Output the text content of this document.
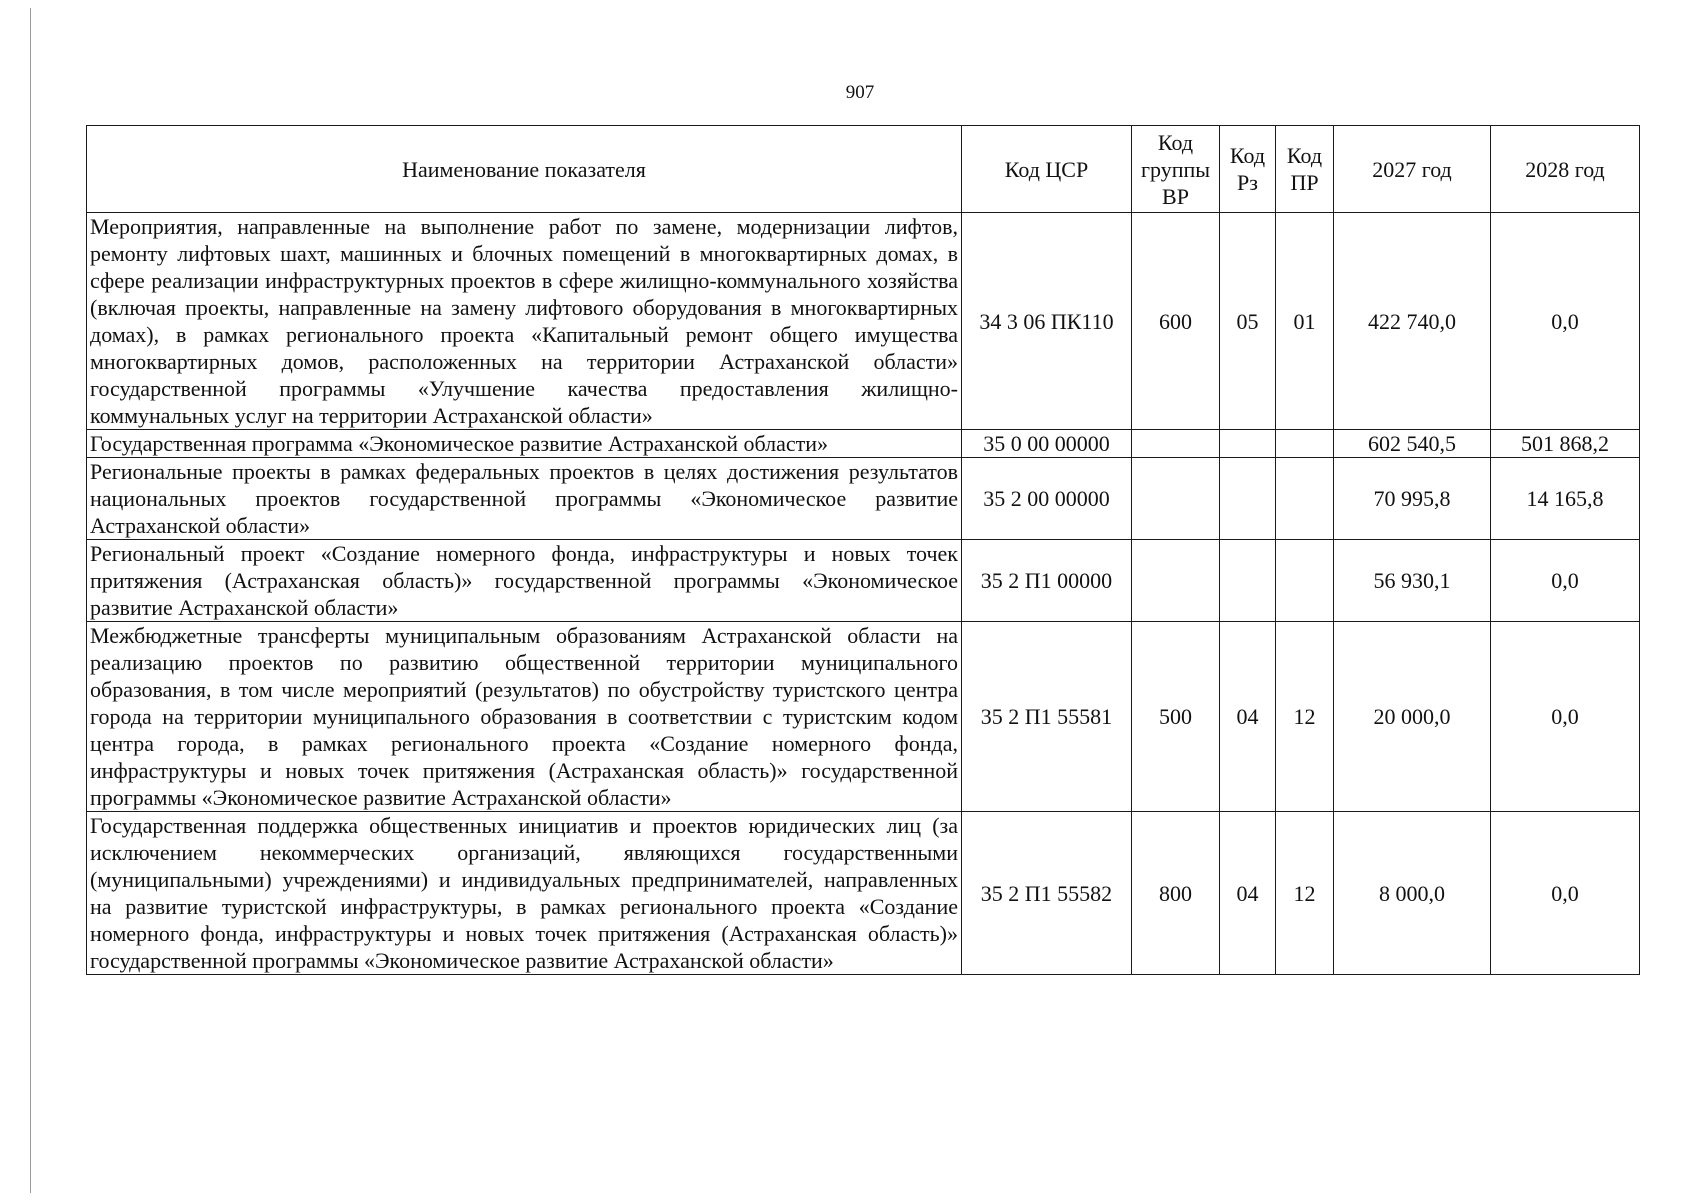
907
Наименование показателя	Код ЦСР	Код группы ВР	Код Рз	Код ПР	2027 год	2028 год
Мероприятия, направленные на выполнение работ по замене, модернизации лифтов, ремонту лифтовых шахт, машинных и блочных помещений в многоквартирных домах, в сфере реализации инфраструктурных проектов в сфере жилищно-коммунального хозяйства (включая проекты, направленные на замену лифтового оборудования в многоквартирных домах), в рамках регионального проекта «Капитальный ремонт общего имущества многоквартирных домов, расположенных на территории Астраханской области» государственной программы «Улучшение качества предоставления жилищно-коммунальных услуг на территории Астраханской области»	34 3 06 ПК110	600	05	01	422 740,0	0,0
Государственная программа «Экономическое развитие Астраханской области»	35 0 00 00000				602 540,5	501 868,2
Региональные проекты в рамках федеральных проектов в целях достижения результатов национальных проектов государственной программы «Экономическое развитие Астраханской области»	35 2 00 00000				70 995,8	14 165,8
Региональный проект «Создание номерного фонда, инфраструктуры и новых точек притяжения (Астраханская область)» государственной программы «Экономическое развитие Астраханской области»	35 2 П1 00000				56 930,1	0,0
Межбюджетные трансферты муниципальным образованиям Астраханской области на реализацию проектов по развитию общественной территории муниципального образования, в том числе мероприятий (результатов) по обустройству туристского центра города на территории муниципального образования в соответствии с туристским кодом центра города, в рамках регионального проекта «Создание номерного фонда, инфраструктуры и новых точек притяжения (Астраханская область)» государственной программы «Экономическое развитие Астраханской области»	35 2 П1 55581	500	04	12	20 000,0	0,0
Государственная поддержка общественных инициатив и проектов юридических лиц (за исключением некоммерческих организаций, являющихся государственными (муниципальными) учреждениями) и индивидуальных предпринимателей, направленных на развитие туристской инфраструктуры, в рамках регионального проекта «Создание номерного фонда, инфраструктуры и новых точек притяжения (Астраханская область)» государственной программы «Экономическое развитие Астраханской области»	35 2 П1 55582	800	04	12	8 000,0	0,0
